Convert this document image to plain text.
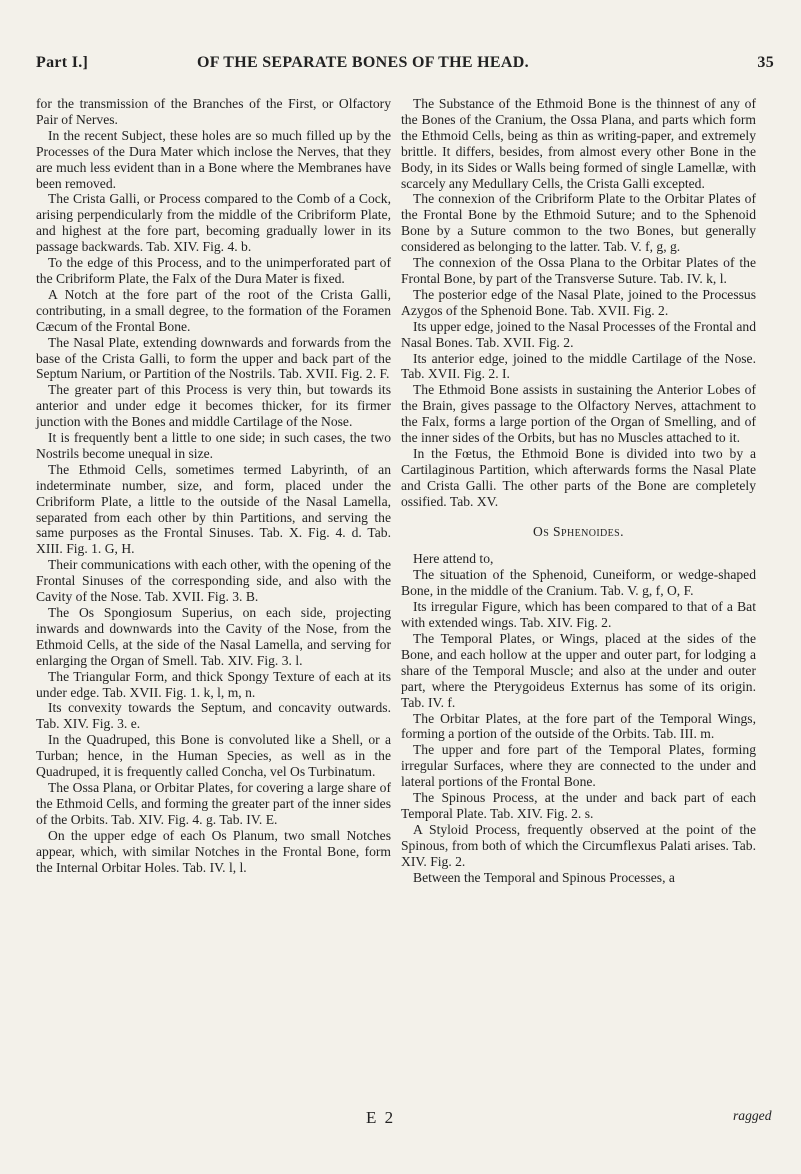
Part I.]	OF THE SEPARATE BONES OF THE HEAD.	35

for the transmission of the Branches of the First, or Olfactory Pair of Nerves.

In the recent Subject, these holes are so much filled up by the Processes of the Dura Mater which inclose the Nerves, that they are much less evident than in a Bone where the Membranes have been removed.

The Crista Galli, or Process compared to the Comb of a Cock, arising perpendicularly from the middle of the Cribriform Plate, and highest at the fore part, becoming gradually lower in its passage backwards. Tab. XIV. Fig. 4. b.

To the edge of this Process, and to the unimperforated part of the Cribriform Plate, the Falx of the Dura Mater is fixed.

A Notch at the fore part of the root of the Crista Galli, contributing, in a small degree, to the formation of the Foramen Cæcum of the Frontal Bone.

The Nasal Plate, extending downwards and forwards from the base of the Crista Galli, to form the upper and back part of the Septum Narium, or Partition of the Nostrils. Tab. XVII. Fig. 2. F.

The greater part of this Process is very thin, but towards its anterior and under edge it becomes thicker, for its firmer junction with the Bones and middle Cartilage of the Nose.

It is frequently bent a little to one side; in such cases, the two Nostrils become unequal in size.

The Ethmoid Cells, sometimes termed Labyrinth, of an indeterminate number, size, and form, placed under the Cribriform Plate, a little to the outside of the Nasal Lamella, separated from each other by thin Partitions, and serving the same purposes as the Frontal Sinuses. Tab. X. Fig. 4. d. Tab. XIII. Fig. 1. G, H.

Their communications with each other, with the opening of the Frontal Sinuses of the corresponding side, and also with the Cavity of the Nose. Tab. XVII. Fig. 3. B.

The Os Spongiosum Superius, on each side, projecting inwards and downwards into the Cavity of the Nose, from the Ethmoid Cells, at the side of the Nasal Lamella, and serving for enlarging the Organ of Smell. Tab. XIV. Fig. 3. l.

The Triangular Form, and thick Spongy Texture of each at its under edge. Tab. XVII. Fig. 1. k, l, m, n.

Its convexity towards the Septum, and concavity outwards. Tab. XIV. Fig. 3. e.

In the Quadruped, this Bone is convoluted like a Shell, or a Turban; hence, in the Human Species, as well as in the Quadruped, it is frequently called Concha, vel Os Turbinatum.

The Ossa Plana, or Orbitar Plates, for covering a large share of the Ethmoid Cells, and forming the greater part of the inner sides of the Orbits. Tab. XIV. Fig. 4. g. Tab. IV. E.

On the upper edge of each Os Planum, two small Notches appear, which, with similar Notches in the Frontal Bone, form the Internal Orbitar Holes. Tab. IV. l, l.

The Substance of the Ethmoid Bone is the thinnest of any of the Bones of the Cranium, the Ossa Plana, and parts which form the Ethmoid Cells, being as thin as writing-paper, and extremely brittle. It differs, besides, from almost every other Bone in the Body, in its Sides or Walls being formed of single Lamellæ, with scarcely any Medullary Cells, the Crista Galli excepted.

The connexion of the Cribriform Plate to the Orbitar Plates of the Frontal Bone by the Ethmoid Suture; and to the Sphenoid Bone by a Suture common to the two Bones, but generally considered as belonging to the latter. Tab. V. f, g, g.

The connexion of the Ossa Plana to the Orbitar Plates of the Frontal Bone, by part of the Transverse Suture. Tab. IV. k, l.

The posterior edge of the Nasal Plate, joined to the Processus Azygos of the Sphenoid Bone. Tab. XVII. Fig. 2.

Its upper edge, joined to the Nasal Processes of the Frontal and Nasal Bones. Tab. XVII. Fig. 2.

Its anterior edge, joined to the middle Cartilage of the Nose. Tab. XVII. Fig. 2. I.

The Ethmoid Bone assists in sustaining the Anterior Lobes of the Brain, gives passage to the Olfactory Nerves, attachment to the Falx, forms a large portion of the Organ of Smelling, and of the inner sides of the Orbits, but has no Muscles attached to it.

In the Fœtus, the Ethmoid Bone is divided into two by a Cartilaginous Partition, which afterwards forms the Nasal Plate and Crista Galli. The other parts of the Bone are completely ossified. Tab. XV.

Os Sphenoides.

Here attend to,

The situation of the Sphenoid, Cuneiform, or wedge-shaped Bone, in the middle of the Cranium. Tab. V. g, f, O, F.

Its irregular Figure, which has been compared to that of a Bat with extended wings. Tab. XIV. Fig. 2.

The Temporal Plates, or Wings, placed at the sides of the Bone, and each hollow at the upper and outer part, for lodging a share of the Temporal Muscle; and also at the under and outer part, where the Pterygoideus Externus has some of its origin. Tab. IV. f.

The Orbitar Plates, at the fore part of the Temporal Wings, forming a portion of the outside of the Orbits. Tab. III. m.

The upper and fore part of the Temporal Plates, forming irregular Surfaces, where they are connected to the under and lateral portions of the Frontal Bone.

The Spinous Process, at the under and back part of each Temporal Plate. Tab. XIV. Fig. 2. s.

A Styloid Process, frequently observed at the point of the Spinous, from both of which the Circumflexus Palati arises. Tab. XIV. Fig. 2.

Between the Temporal and Spinous Processes, a

E 2	ragged
